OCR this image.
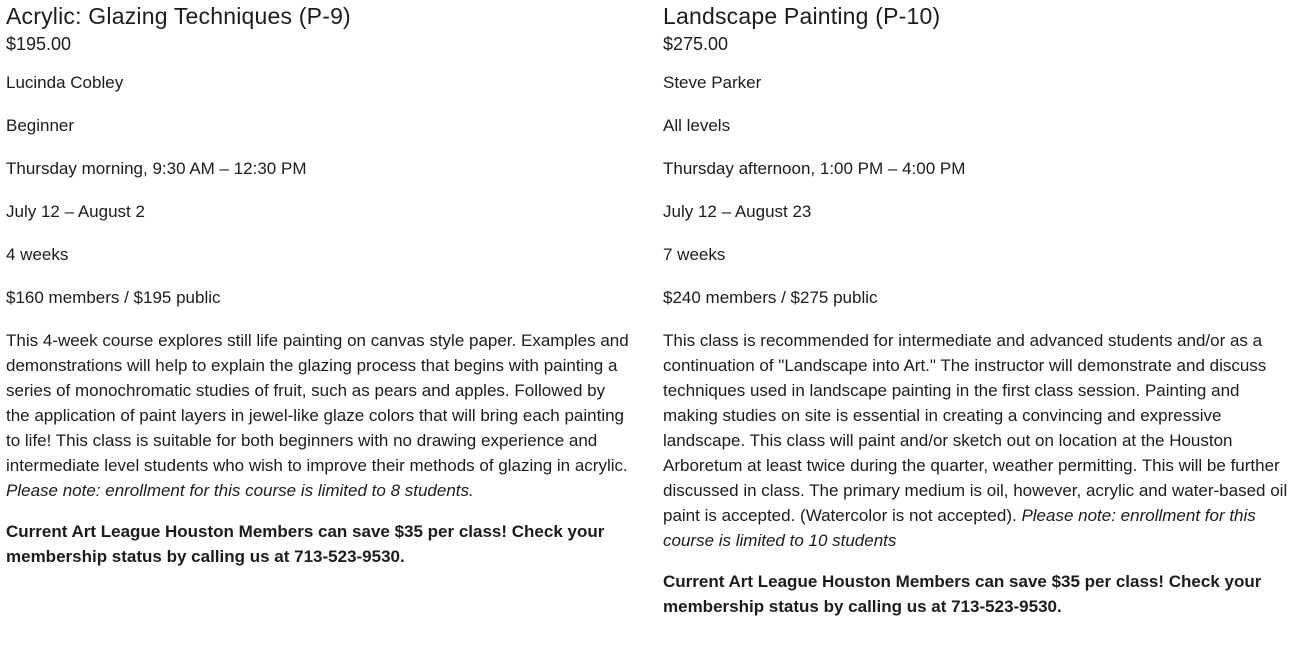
Acrylic: Glazing Techniques (P-9)

$195.00

Lucinda Cobley

Beginner

Thursday morning, 9:30 AM – 12:30 PM

July 12 – August 2

4 weeks

$160 members / $195 public

This 4-week course explores still life painting on canvas style paper. Examples and demonstrations will help to explain the glazing process that begins with painting a series of monochromatic studies of fruit, such as pears and apples. Followed by the application of paint layers in jewel-like glaze colors that will bring each painting to life! This class is suitable for both beginners with no drawing experience and intermediate level students who wish to improve their methods of glazing in acrylic. Please note: enrollment for this course is limited to 8 students.

Current Art League Houston Members can save $35 per class! Check your membership status by calling us at 713-523-9530.

Landscape Painting (P-10)

$275.00

Steve Parker

All levels

Thursday afternoon, 1:00 PM – 4:00 PM

July 12 – August 23

7 weeks

$240 members / $275 public

This class is recommended for intermediate and advanced students and/or as a continuation of "Landscape into Art." The instructor will demonstrate and discuss techniques used in landscape painting in the first class session. Painting and making studies on site is essential in creating a convincing and expressive landscape. This class will paint and/or sketch out on location at the Houston Arboretum at least twice during the quarter, weather permitting. This will be further discussed in class. The primary medium is oil, however, acrylic and water-based oil paint is accepted. (Watercolor is not accepted). Please note: enrollment for this course is limited to 10 students

Current Art League Houston Members can save $35 per class! Check your membership status by calling us at 713-523-9530.
